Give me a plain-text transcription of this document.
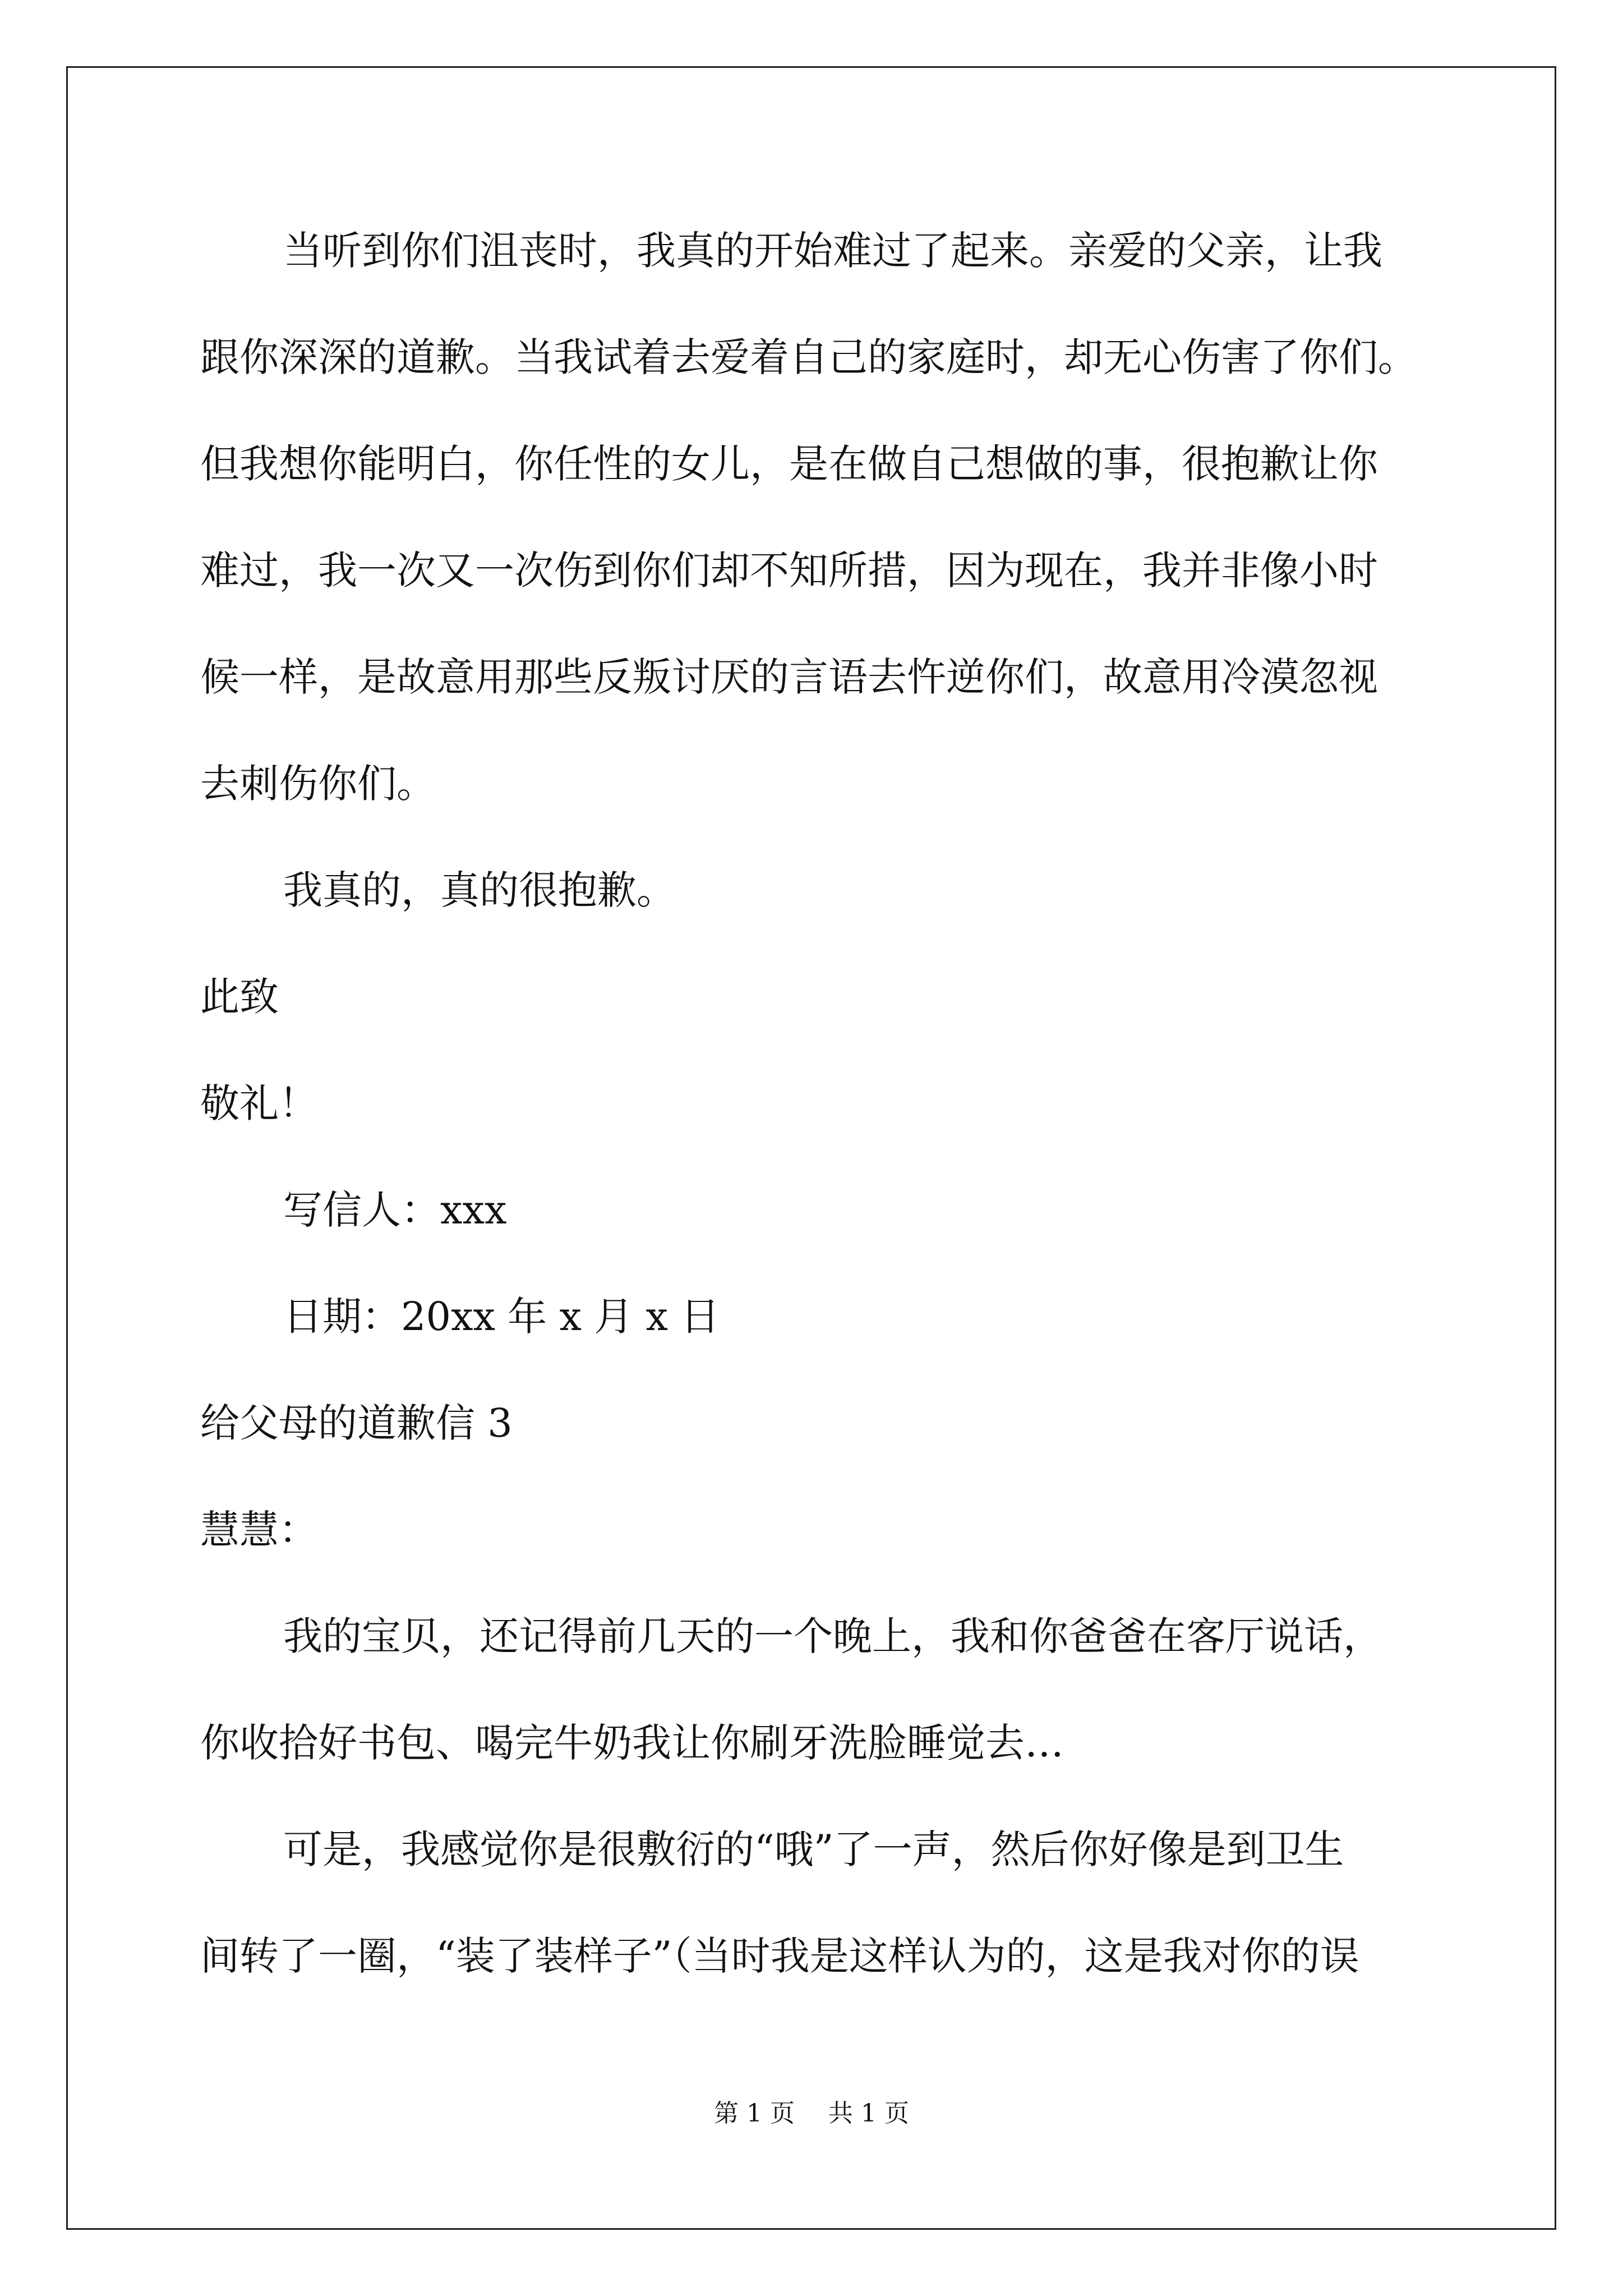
当听到你们沮丧时，我真的开始难过了起来。亲爱的父亲，让我
跟你深深的道歉。当我试着去爱着自己的家庭时，却无心伤害了你们。
但我想你能明白，你任性的女儿，是在做自己想做的事，很抱歉让你
难过，我一次又一次伤到你们却不知所措，因为现在，我并非像小时
候一样，是故意用那些反叛讨厌的言语去忤逆你们，故意用冷漠忽视
去刺伤你们。
我真的，真的很抱歉。
此致
敬礼！
写信人：xxx
日期：20xx 年 x 月 x 日
给父母的道歉信 3
慧慧：
我的宝贝，还记得前几天的一个晚上，我和你爸爸在客厅说话，
你收拾好书包、喝完牛奶我让你刷牙洗脸睡觉去…
可是，我感觉你是很敷衍的“哦”了一声，然后你好像是到卫生
间转了一圈，“装了装样子”（当时我是这样认为的，这是我对你的误
第 1 页 共 1 页
